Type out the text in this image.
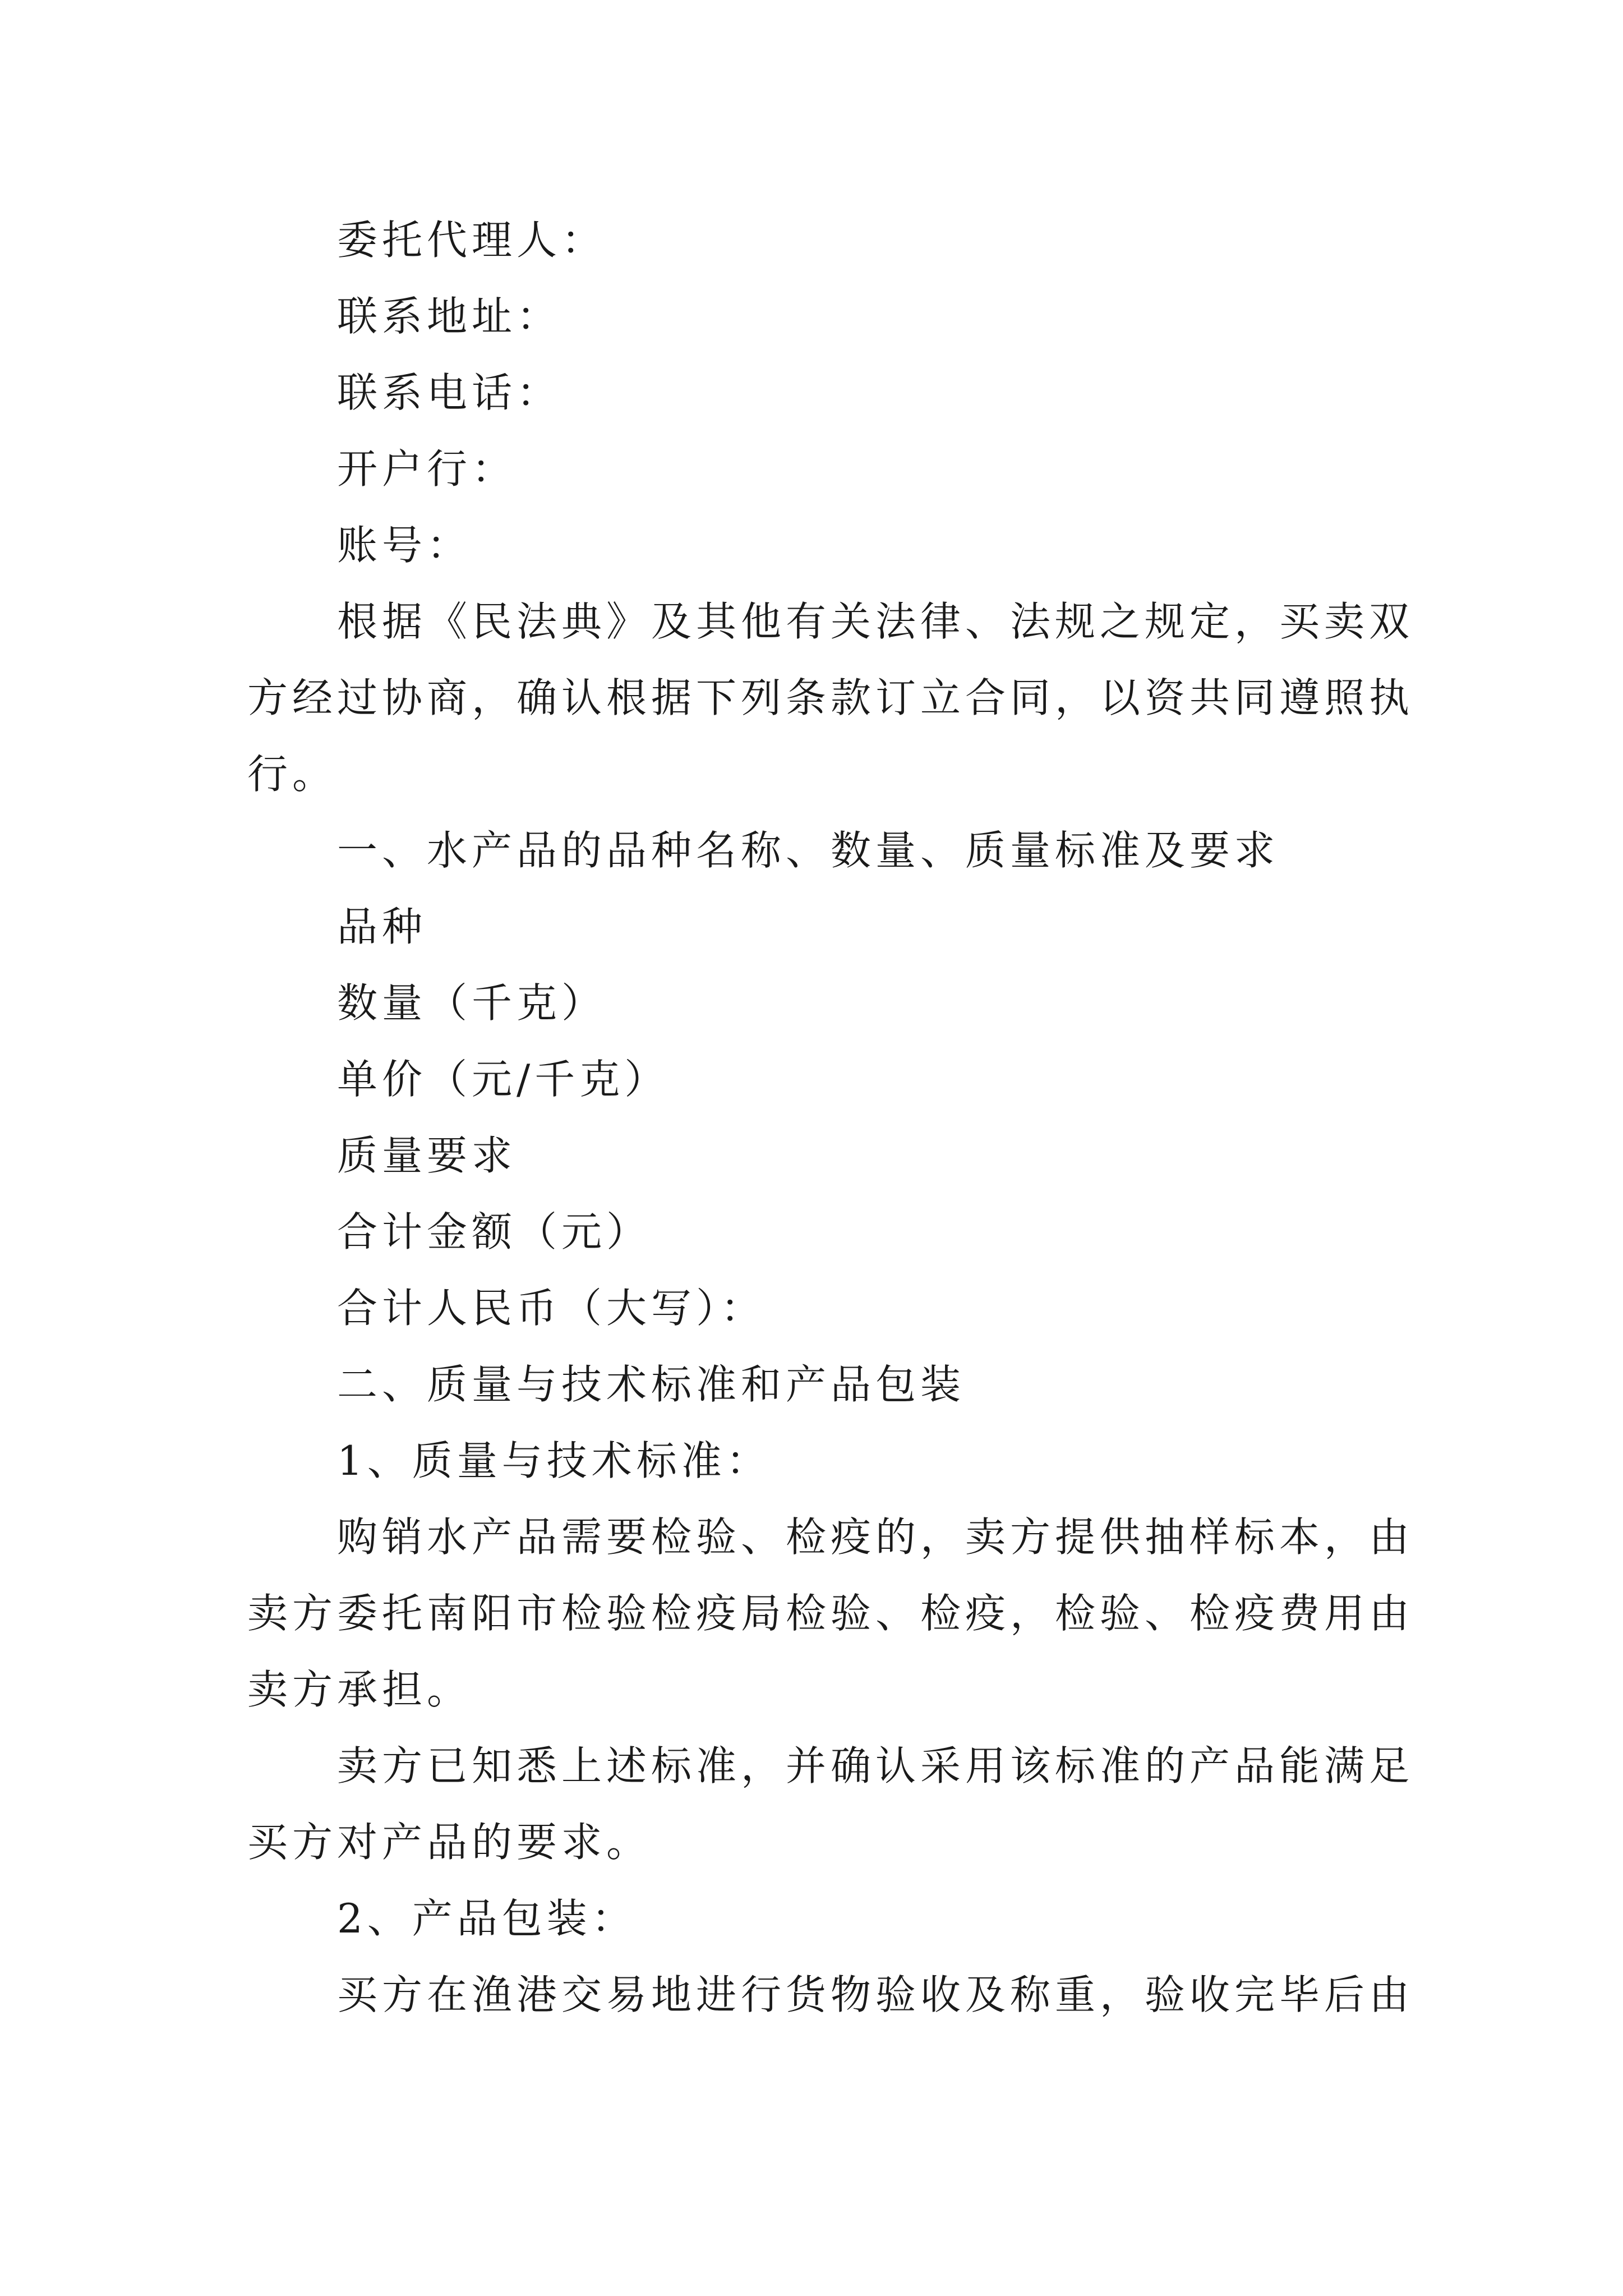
委托代理人：

联系地址：

联系电话：

开户行：

账号：

根据《民法典》及其他有关法律、法规之规定，买卖双

方经过协商，确认根据下列条款订立合同，以资共同遵照执

行。

一、水产品的品种名称、数量、质量标准及要求

品种

数量（千克）

单价（元/千克）

质量要求

合计金额（元）

合计人民币（大写）：

二、质量与技术标准和产品包装

1、质量与技术标准：

购销水产品需要检验、检疫的，卖方提供抽样标本，由

卖方委托南阳市检验检疫局检验、检疫，检验、检疫费用由

卖方承担。

卖方已知悉上述标准，并确认采用该标准的产品能满足

买方对产品的要求。

2、产品包装：

买方在渔港交易地进行货物验收及称重，验收完毕后由
